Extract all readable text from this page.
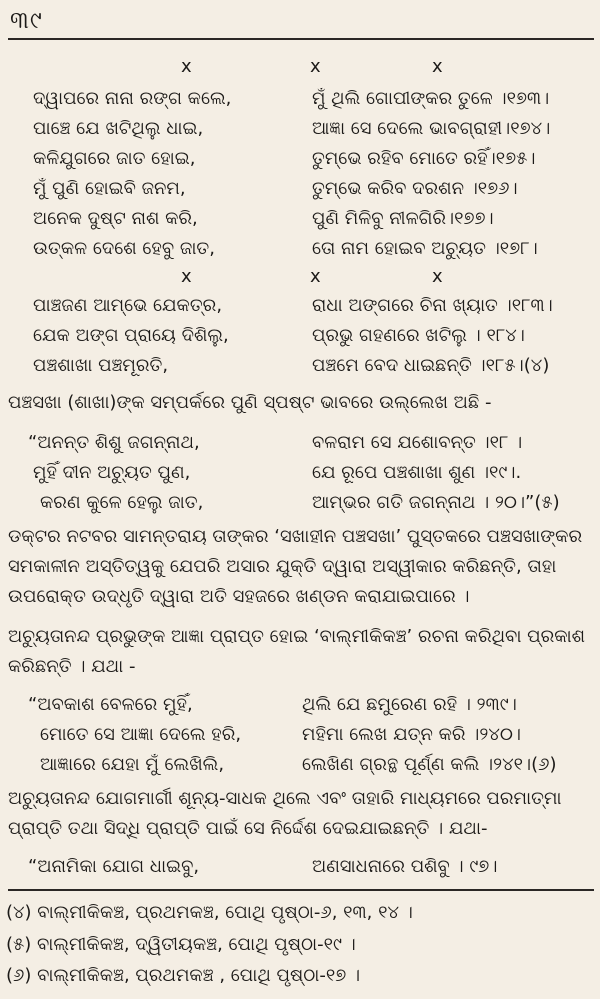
୩୯
x	x	x
ଦ୍ୱାପରେ ନାନା ରଙ୍ଗ କଲେ,	ମୁଁ ଥିଲି ଗୋପୀଙ୍କର ତୁଳେ ।୧୭୩।
ପାଞ୍ଚେ ଯେ ଖଟିଥିଲୁ ଧାଇ,	ଆଜ୍ଞା ସେ ଦେଲେ ଭାବଗ୍ରାହୀ।୧୭୪।
କଳିଯୁଗରେ ଜାତ ହୋଇ,	ତୁମ୍ଭେ ରହିବ ମୋତେ ରହିଁ।୧୭୫।
ମୁଁ ପୁଣି ହୋଇବି ଜନମ,	ତୁମ୍ଭେ କରିବ ଦରଶନ ।୧୭୬।
ଅନେକ ଦୁଷ୍ଟ ନାଶ କରି,	ପୁଣି ମିଳିବୁ ନୀଳଗିରି।୧୭୭।
ଉତ୍କଳ ଦେଶେ ହେବୁ ଜାତ,	ତୋ ନାମ ହୋଇବ ଅଚ୍ୟୁତ ।୧୭୮।
x	x	x
ପାଞ୍ଚଜଣ ଆମ୍ଭେ ଯେକତ୍ର,	ରାଧା ଅଙ୍ଗରେ ଚିନା ଖ୍ୟାତ ।୧୮୩।
ଯେକ ଅଙ୍ଗ ପ୍ରାୟେ ଦିଶିଲୁ,	ପ୍ରଭୁ ଗହଣରେ ଖଟିଲୁ । ୧୮୪।
ପଞ୍ଚଶାଖା ପଞ୍ଚମୂରତି,	ପଞ୍ଚମେ ବେଦ ଧାଇଛନ୍ତି ।୧୮୫।(୪)
ପଞ୍ଚସଖା (ଶାଖା)ଙ୍କ ସମ୍ପର୍କରେ ପୁଣି ସ୍ପଷ୍ଟ ଭାବରେ ଉଲ୍ଲେଖ ଅଛି -
“ଅନନ୍ତ ଶିଶୁ ଜଗନ୍ନାଥ,	ବଳରାମ ସେ ଯଶୋବନ୍ତ ।୧୮ ।
ମୁହିଁ ଦୀନ ଅଚ୍ୟୁତ ପୁଣ,	ଯେ ରୂପେ ପଞ୍ଚଶାଖା ଶୁଣ ।୧୯।.
କରଣ କୁଳେ ହେଲୁ ଜାତ,	ଆମ୍ଭର ଗତି ଜଗନ୍ନାଥ । ୨୦।”(୫)
ଡକ୍ଟର ନଟବର ସାମନ୍ତରାୟ ତାଙ୍କର ‘ସଖାହୀନ ପଞ୍ଚସଖା’ ପୁସ୍ତକରେ ପଞ୍ଚସଖାଙ୍କର ସମକାଳୀନ ଅସ୍ତିତ୍ୱକୁ ଯେପରି ଅସାର ଯୁକ୍ତି ଦ୍ୱାରା ଅସ୍ୱୀକାର କରିଛନ୍ତି, ତାହା ଉପରୋକ୍ତ ଉଦ୍ଧୃତି ଦ୍ୱାରା ଅତି ସହଜରେ ଖଣ୍ଡନ କରାଯାଇପାରେ ।
ଅଚ୍ୟୁତାନନ୍ଦ ପ୍ରଭୁଙ୍କ ଆଜ୍ଞା ପ୍ରାପ୍ତ ହୋଇ ‘ବାଲ୍ମୀକିକଞ୍ଚ’ ରଚନା କରିଥିବା ପ୍ରକାଶ କରିଛନ୍ତି । ଯଥା -
“ଅବକାଶ ବେଳରେ ମୁହିଁ,	ଥିଲି ଯେ ଛମୁରେଣ ରହି । ୨୩୯।
ମୋତେ ସେ ଆଜ୍ଞା ଦେଲେ ହରି,	ମହିମା ଲେଖ ଯତ୍ନ କରି ।୨୪୦।
ଆଜ୍ଞାରେ ଯେହା ମୁଁ ଲେଖିଲି,	ଲେଖିଣ ଗ୍ରନ୍ଥ ପୂର୍ଣ୍ଣ କଲି ।୨୪୧।(୬)
ଅଚ୍ୟୁତାନନ୍ଦ ଯୋଗମାର୍ଗୀ ଶୂନ୍ୟ-ସାଧକ ଥିଲେ ଏବଂ ତାହାରି ମାଧ୍ୟମରେ ପରମାତ୍ମା ପ୍ରାପ୍ତି ତଥା ସିଦ୍ଧି ପ୍ରାପ୍ତି ପାଇଁ ସେ ନିର୍ଦ୍ଦେଶ ଦେଇଯାଇଛନ୍ତି । ଯଥା-
“ଅନାମିକା ଯୋଗ ଧାଇବୁ,	ଅଣସାଧନାରେ ପଶିବୁ । ୯୭।
(୪) ବାଲ୍ମୀକିକଞ୍ଚ, ପ୍ରଥମକଞ୍ଚ, ପୋଥି ପୃଷ୍ଠା-୬, ୧୩, ୧୪ ।
(୫) ବାଲ୍ମୀକିକଞ୍ଚ, ଦ୍ୱିତୀୟକଞ୍ଚ, ପୋଥି ପୃଷ୍ଠା-୧୯ ।
(୬) ବାଲ୍ମୀକିକଞ୍ଚ, ପ୍ରଥମକଞ୍ଚ , ପୋଥି ପୃଷ୍ଠା-୧୭ ।
